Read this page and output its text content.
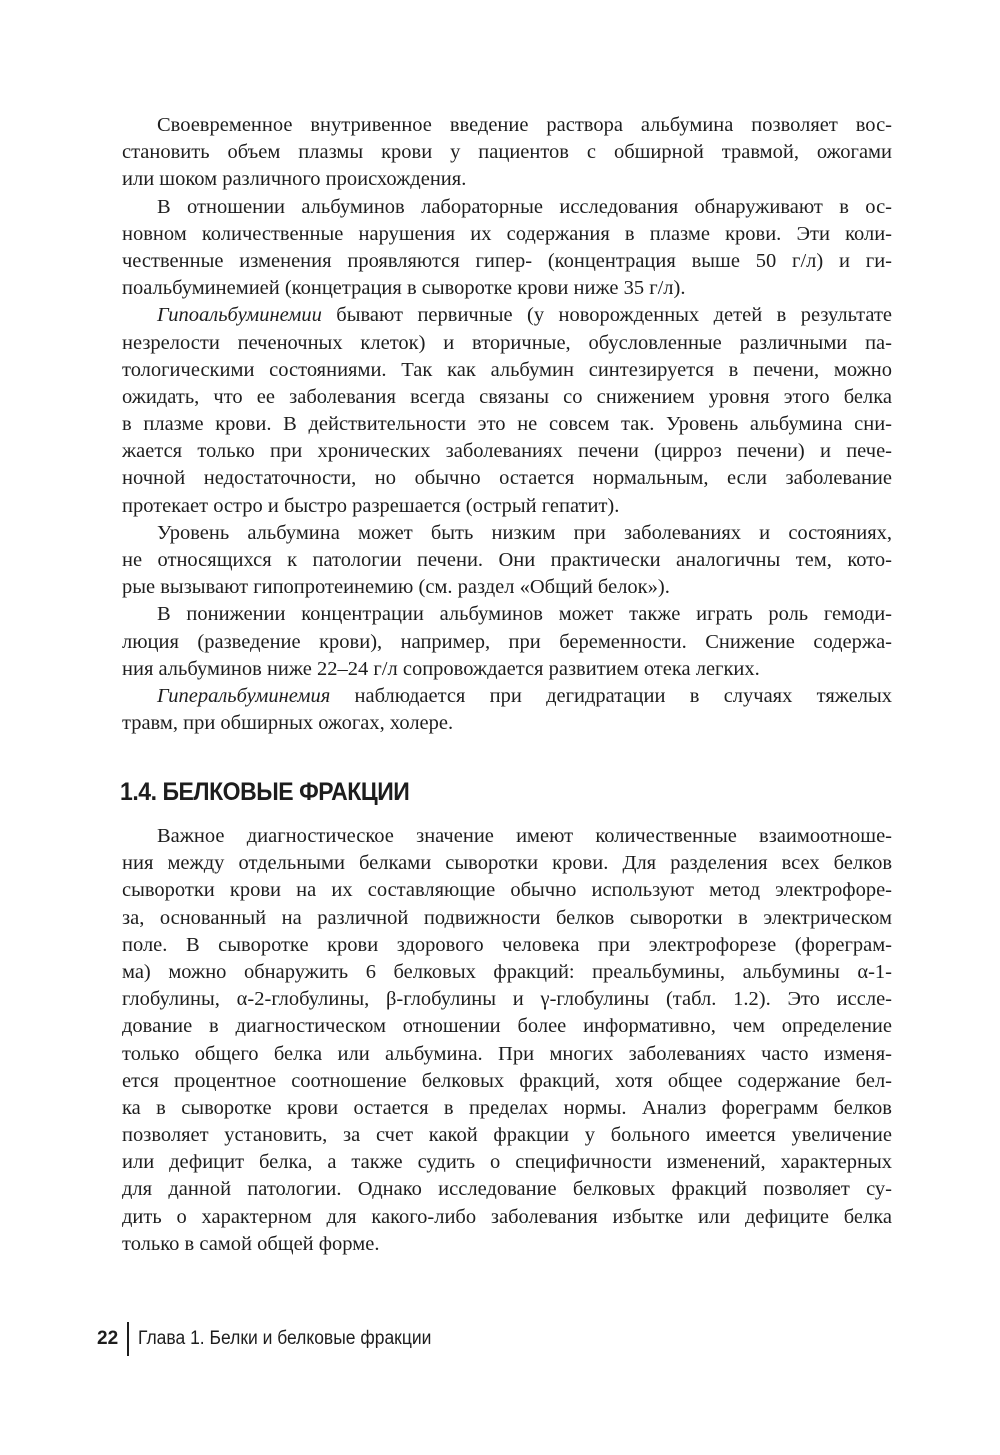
Своевременное внутривенное введение раствора альбумина позволяет вос-
становить объем плазмы крови у пациентов с обширной травмой, ожогами
или шоком различного происхождения.
В отношении альбуминов лабораторные исследования обнаруживают в ос-
новном количественные нарушения их содержания в плазме крови. Эти коли-
чественные изменения проявляются гипер- (концентрация выше 50 г/л) и ги-
поальбуминемией (концетрация в сыворотке крови ниже 35 г/л).
Гипоальбуминемии бывают первичные (у новорожденных детей в результате
незрелости печеночных клеток) и вторичные, обусловленные различными па-
тологическими состояниями. Так как альбумин синтезируется в печени, можно
ожидать, что ее заболевания всегда связаны со снижением уровня этого белка
в плазме крови. В действительности это не совсем так. Уровень альбумина сни-
жается только при хронических заболеваниях печени (цирроз печени) и пече-
ночной недостаточности, но обычно остается нормальным, если заболевание
протекает остро и быстро разрешается (острый гепатит).
Уровень альбумина может быть низким при заболеваниях и состояниях,
не относящихся к патологии печени. Они практически аналогичны тем, кото-
рые вызывают гипопротеинемию (см. раздел «Общий белок»).
В понижении концентрации альбуминов может также играть роль гемоди-
люция (разведение крови), например, при беременности. Снижение содержа-
ния альбуминов ниже 22–24 г/л сопровождается развитием отека легких.
Гиперальбуминемия наблюдается при дегидратации в случаях тяжелых
травм, при обширных ожогах, холере.
1.4. БЕЛКОВЫЕ ФРАКЦИИ
Важное диагностическое значение имеют количественные взаимоотноше-
ния между отдельными белками сыворотки крови. Для разделения всех белков
сыворотки крови на их составляющие обычно используют метод электрофоре-
за, основанный на различной подвижности белков сыворотки в электрическом
поле. В сыворотке крови здорового человека при электрофорезе (фореграм-
ма) можно обнаружить 6 белковых фракций: преальбумины, альбумины α-1-
глобулины, α-2-глобулины, β-глобулины и γ-глобулины (табл. 1.2). Это иссле-
дование в диагностическом отношении более информативно, чем определение
только общего белка или альбумина. При многих заболеваниях часто изменя-
ется процентное соотношение белковых фракций, хотя общее содержание бел-
ка в сыворотке крови остается в пределах нормы. Анализ фореграмм белков
позволяет установить, за счет какой фракции у больного имеется увеличение
или дефицит белка, а также судить о специфичности изменений, характерных
для данной патологии. Однако исследование белковых фракций позволяет су-
дить о характерном для какого-либо заболевания избытке или дефиците белка
только в самой общей форме.
22 Глава 1. Белки и белковые фракции
